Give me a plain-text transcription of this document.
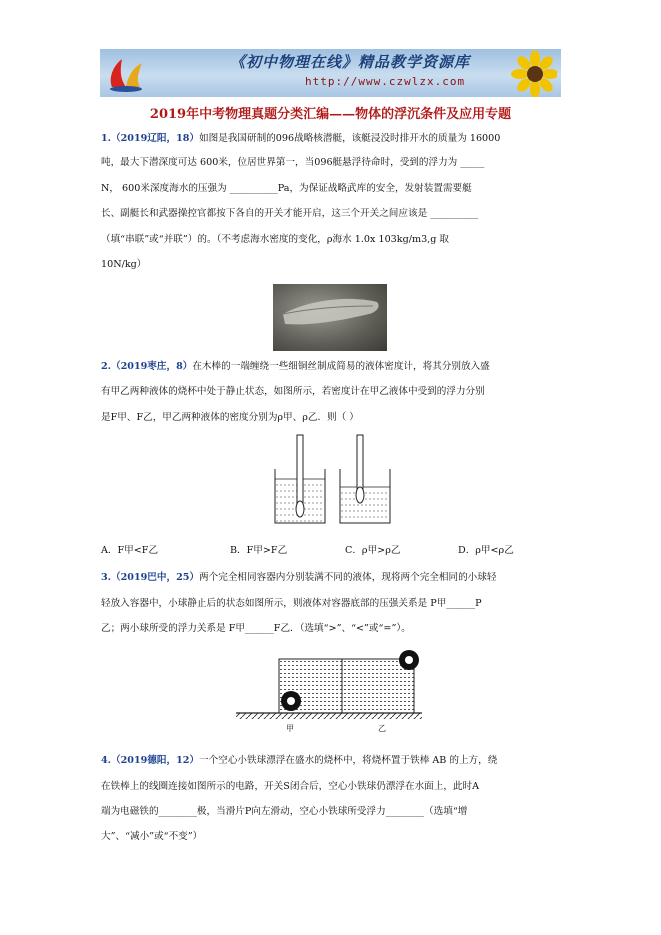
《初中物理在线》精品教学资源库
http://www.czwlzx.com
2019年中考物理真题分类汇编——物体的浮沉条件及应用专题
1.（2019辽阳，18）如图是我国研制的096战略核潜艇，该艇浸没时排开水的质量为 16000
吨，最大下潜深度可达 600米，位居世界第一，当096艇悬浮待命时，受到的浮力为 _____
N， 600米深度海水的压强为 __________Pa，为保证战略武库的安全，发射装置需要艇
长、副艇长和武器操控官都按下各自的开关才能开启，这三个开关之间应该是 __________
（填“串联”或“并联”）的。（不考虑海水密度的变化，ρ海水 1.0x 103kg/m3,g 取
10N/kg）
2.（2019枣庄，8）在木棒的一端缠绕一些细铜丝制成简易的液体密度计，将其分别放入盛
有甲乙两种液体的烧杯中处于静止状态，如图所示，若密度计在甲乙液体中受到的浮力分别
是F甲、F乙，甲乙两种液体的密度分别为ρ甲、ρ乙．则（ ）
A．F甲<F乙	B．F甲>F乙	C．ρ甲>ρ乙	D．ρ甲<ρ乙
3.（2019巴中，25）两个完全相同容器内分别装满不同的液体，现将两个完全相同的小球轻
轻放入容器中，小球静止后的状态如图所示，则液体对容器底部的压强关系是 P甲______P
乙；两小球所受的浮力关系是 F甲______F乙．（选填“>”、“<”或“=”）。
甲	乙
4.（2019德阳，12）一个空心小铁球漂浮在盛水的烧杯中，将烧杯置于铁棒 AB 的上方，绕
在铁棒上的线圈连接如图所示的电路，开关S闭合后，空心小铁球仍漂浮在水面上，此时A
端为电磁铁的________极，当滑片P向左滑动，空心小铁球所受浮力________（选填“增
大”、“减小”或“不变”）
